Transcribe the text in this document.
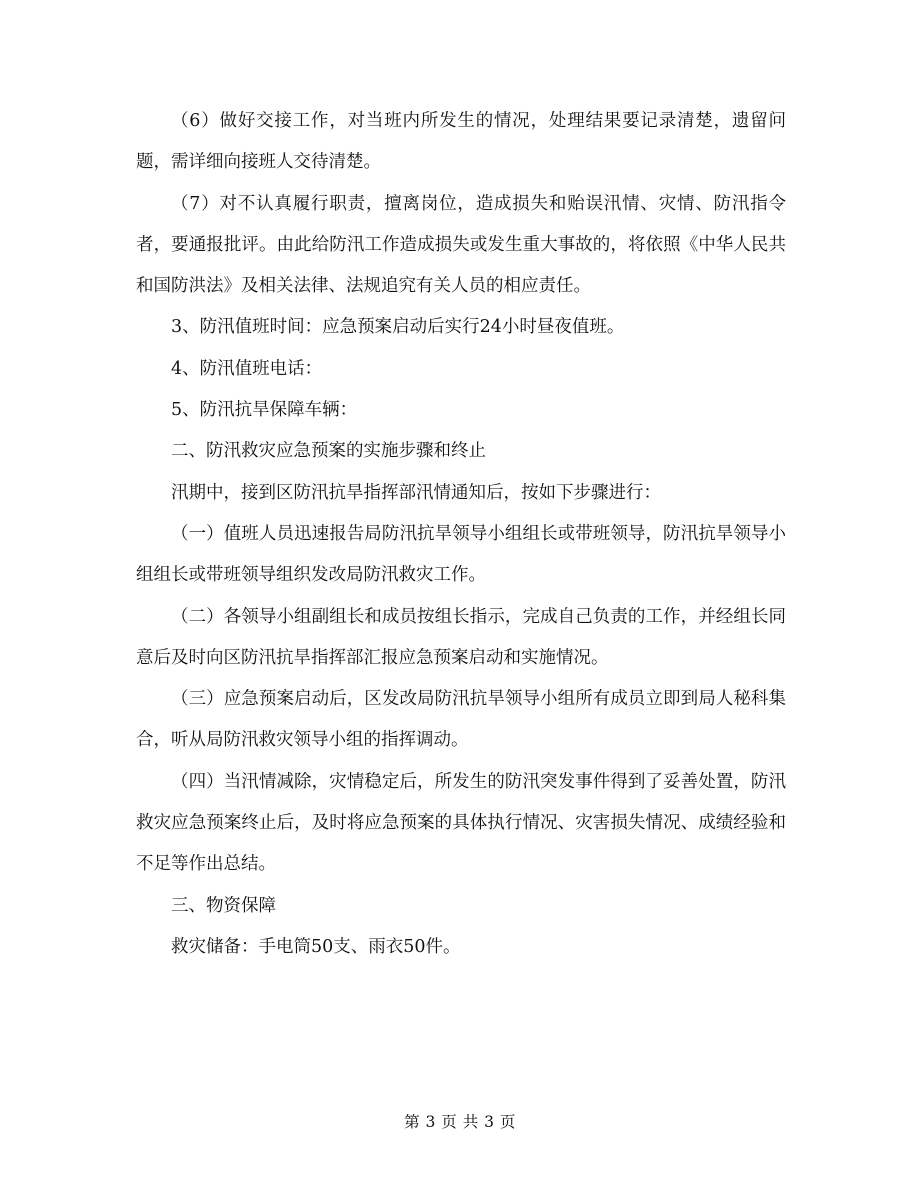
（6）做好交接工作，对当班内所发生的情况，处理结果要记录清楚，遗留问题，需详细向接班人交待清楚。

（7）对不认真履行职责，擅离岗位，造成损失和贻误汛情、灾情、防汛指令者，要通报批评。由此给防汛工作造成损失或发生重大事故的，将依照《中华人民共和国防洪法》及相关法律、法规追究有关人员的相应责任。

3、防汛值班时间：应急预案启动后实行24小时昼夜值班。

4、防汛值班电话：

5、防汛抗旱保障车辆：

二、防汛救灾应急预案的实施步骤和终止

汛期中，接到区防汛抗旱指挥部汛情通知后，按如下步骤进行：

（一）值班人员迅速报告局防汛抗旱领导小组组长或带班领导，防汛抗旱领导小组组长或带班领导组织发改局防汛救灾工作。

（二）各领导小组副组长和成员按组长指示，完成自己负责的工作，并经组长同意后及时向区防汛抗旱指挥部汇报应急预案启动和实施情况。

（三）应急预案启动后，区发改局防汛抗旱领导小组所有成员立即到局人秘科集合，听从局防汛救灾领导小组的指挥调动。

（四）当汛情减除，灾情稳定后，所发生的防汛突发事件得到了妥善处置，防汛救灾应急预案终止后，及时将应急预案的具体执行情况、灾害损失情况、成绩经验和不足等作出总结。

三、物资保障

救灾储备：手电筒50支、雨衣50件。

第 3 页 共 3 页
